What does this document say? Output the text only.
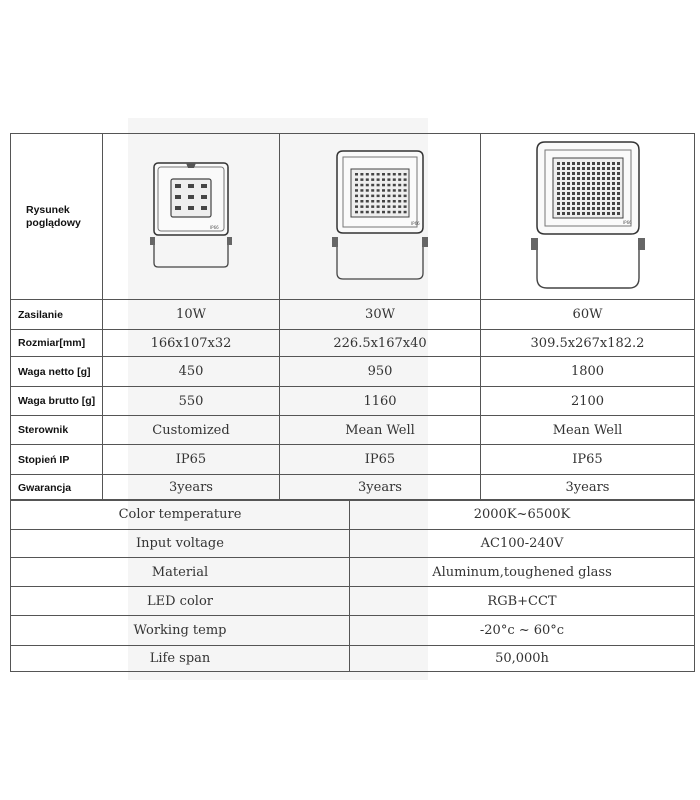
Rysunek poglądowy	IP66	IP66	IP66

Zasilanie	10W	30W	60W
Rozmiar[mm]	166x107x32	226.5x167x40	309.5x267x182.2
Waga netto [g]	450	950	1800
Waga brutto [g]	550	1160	2100
Sterownik	Customized	Mean Well	Mean Well
Stopień IP	IP65	IP65	IP65
Gwarancja	3years	3years	3years
Color temperature	2000K~6500K
Input voltage	AC100-240V
Material	Aluminum,toughened glass
LED color	RGB+CCT
Working temp	-20°c ~ 60°c
Life span	50,000h
